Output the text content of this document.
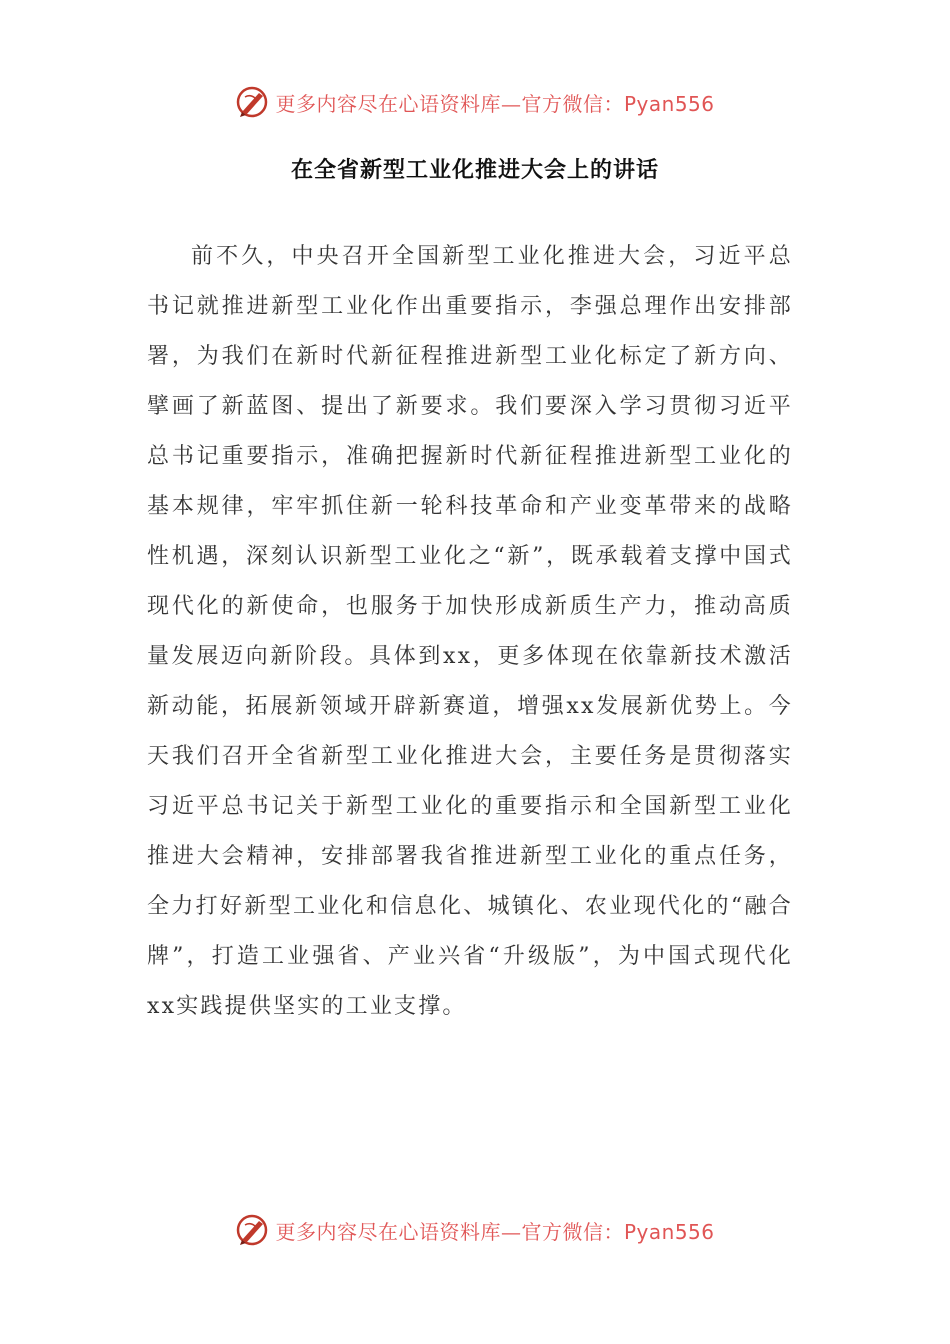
更多内容尽在心语资料库—官方微信：Pyan556
在全省新型工业化推进大会上的讲话

前不久，中央召开全国新型工业化推进大会，习近平总书记就推进新型工业化作出重要指示，李强总理作出安排部署，为我们在新时代新征程推进新型工业化标定了新方向、擘画了新蓝图、提出了新要求。我们要深入学习贯彻习近平总书记重要指示，准确把握新时代新征程推进新型工业化的基本规律，牢牢抓住新一轮科技革命和产业变革带来的战略性机遇，深刻认识新型工业化之“新”，既承载着支撑中国式现代化的新使命，也服务于加快形成新质生产力，推动高质量发展迈向新阶段。具体到xx，更多体现在依靠新技术激活新动能，拓展新领域开辟新赛道，增强xx发展新优势上。今天我们召开全省新型工业化推进大会，主要任务是贯彻落实习近平总书记关于新型工业化的重要指示和全国新型工业化推进大会精神，安排部署我省推进新型工业化的重点任务，全力打好新型工业化和信息化、城镇化、农业现代化的“融合牌”，打造工业强省、产业兴省“升级版”，为中国式现代化xx实践提供坚实的工业支撑。

更多内容尽在心语资料库—官方微信：Pyan556
